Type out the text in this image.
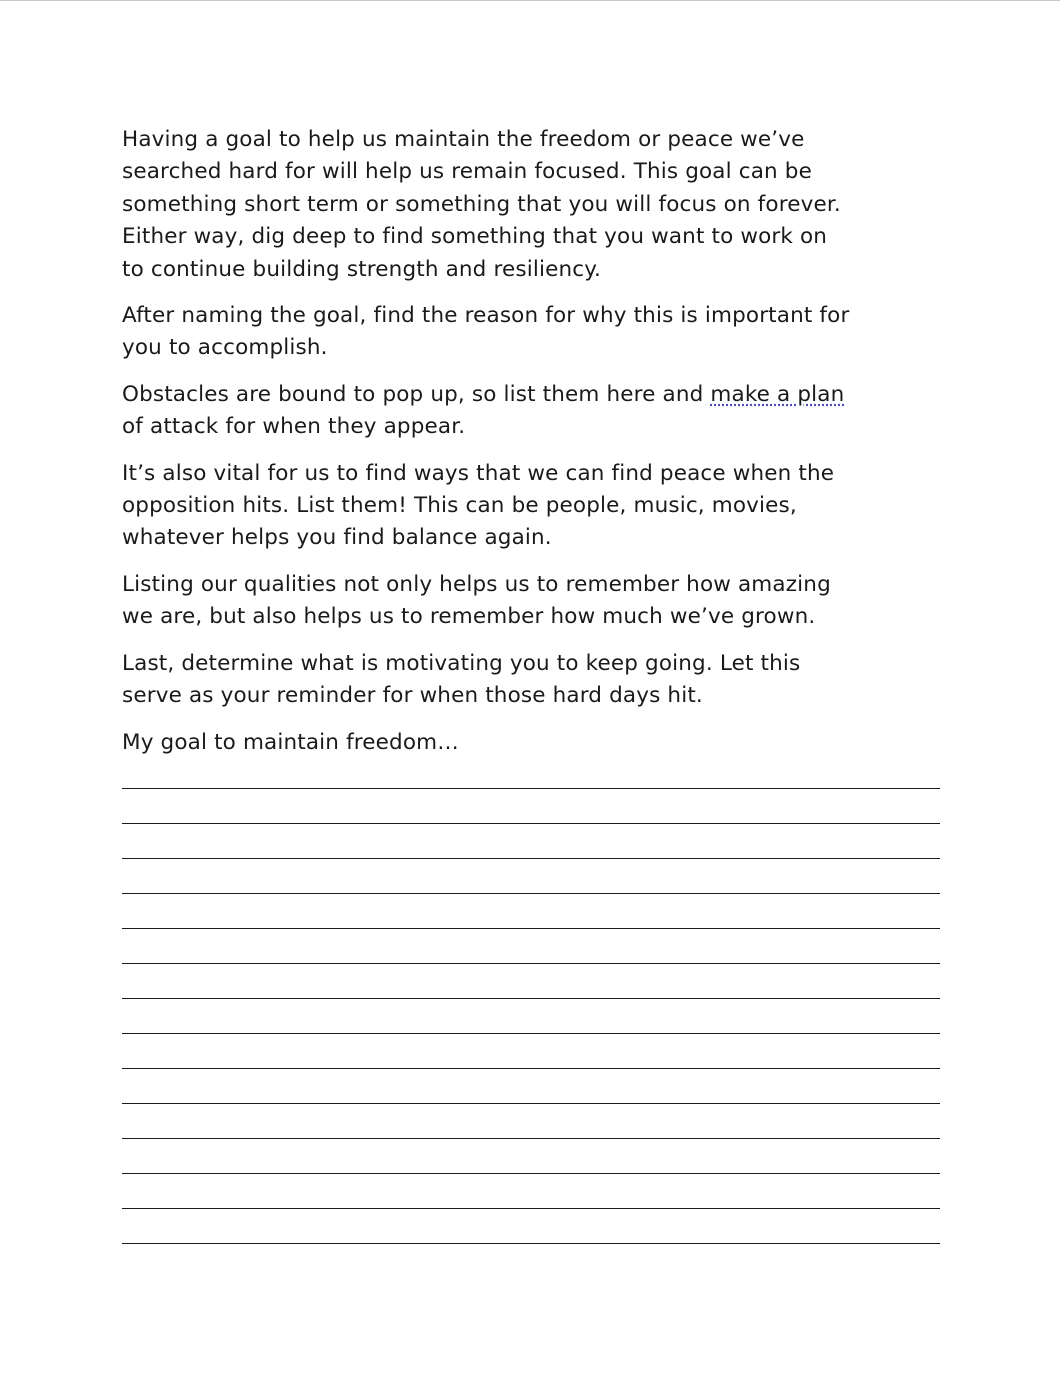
Having a goal to help us maintain the freedom or peace we’ve
searched hard for will help us remain focused. This goal can be
something short term or something that you will focus on forever.
Either way, dig deep to find something that you want to work on
to continue building strength and resiliency.

After naming the goal, find the reason for why this is important for
you to accomplish.

Obstacles are bound to pop up, so list them here and make a plan
of attack for when they appear.

It’s also vital for us to find ways that we can find peace when the
opposition hits. List them! This can be people, music, movies,
whatever helps you find balance again.

Listing our qualities not only helps us to remember how amazing
we are, but also helps us to remember how much we’ve grown.

Last, determine what is motivating you to keep going. Let this
serve as your reminder for when those hard days hit.

My goal to maintain freedom…
